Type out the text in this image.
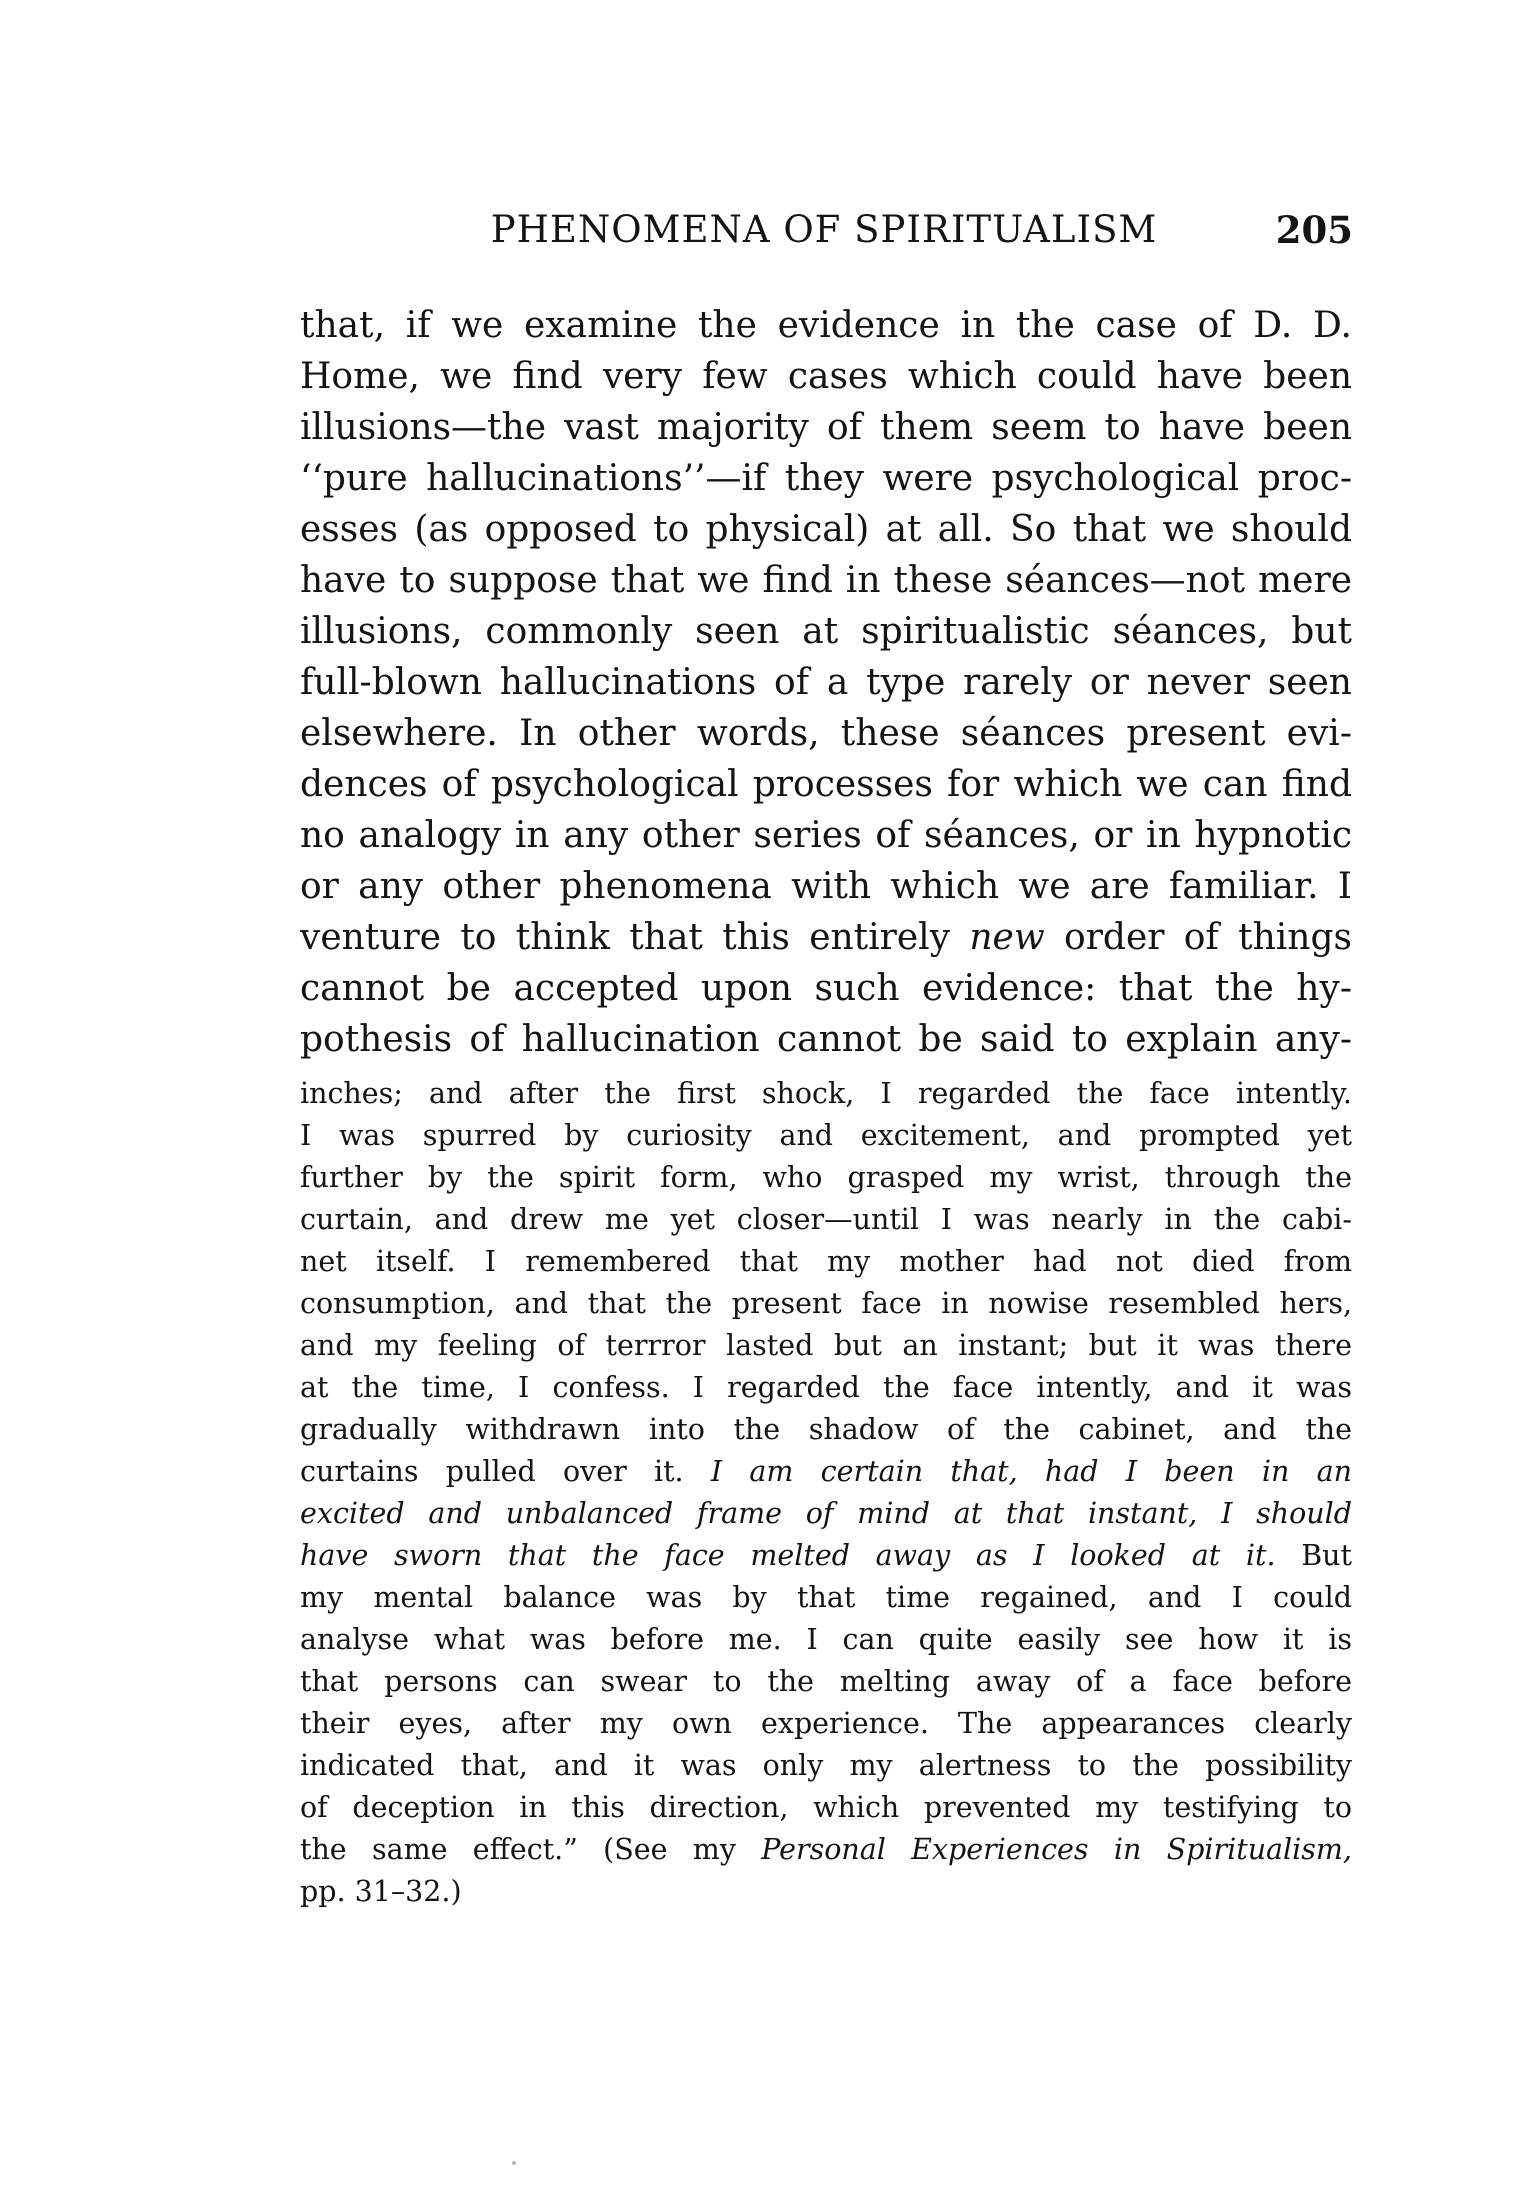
PHENOMENA OF SPIRITUALISM	205
that, if we examine the evidence in the case of D. D.
Home, we find very few cases which could have been
illusions—the vast majority of them seem to have been
‘‘pure hallucinations’’—if they were psychological proc-
esses (as opposed to physical) at all. So that we should
have to suppose that we find in these séances—not mere
illusions, commonly seen at spiritualistic séances, but
full-blown hallucinations of a type rarely or never seen
elsewhere. In other words, these séances present evi-
dences of psychological processes for which we can find
no analogy in any other series of séances, or in hypnotic
or any other phenomena with which we are familiar. I
venture to think that this entirely new order of things
cannot be accepted upon such evidence: that the hy-
pothesis of hallucination cannot be said to explain any-
inches; and after the first shock, I regarded the face intently.
I was spurred by curiosity and excitement, and prompted yet
further by the spirit form, who grasped my wrist, through the
curtain, and drew me yet closer—until I was nearly in the cabi-
net itself. I remembered that my mother had not died from
consumption, and that the present face in nowise resembled hers,
and my feeling of terrror lasted but an instant; but it was there
at the time, I confess. I regarded the face intently, and it was
gradually withdrawn into the shadow of the cabinet, and the
curtains pulled over it. I am certain that, had I been in an
excited and unbalanced frame of mind at that instant, I should
have sworn that the face melted away as I looked at it. But
my mental balance was by that time regained, and I could
analyse what was before me. I can quite easily see how it is
that persons can swear to the melting away of a face before
their eyes, after my own experience. The appearances clearly
indicated that, and it was only my alertness to the possibility
of deception in this direction, which prevented my testifying to
the same effect.” (See my Personal Experiences in Spiritualism,
pp. 31–32.)
